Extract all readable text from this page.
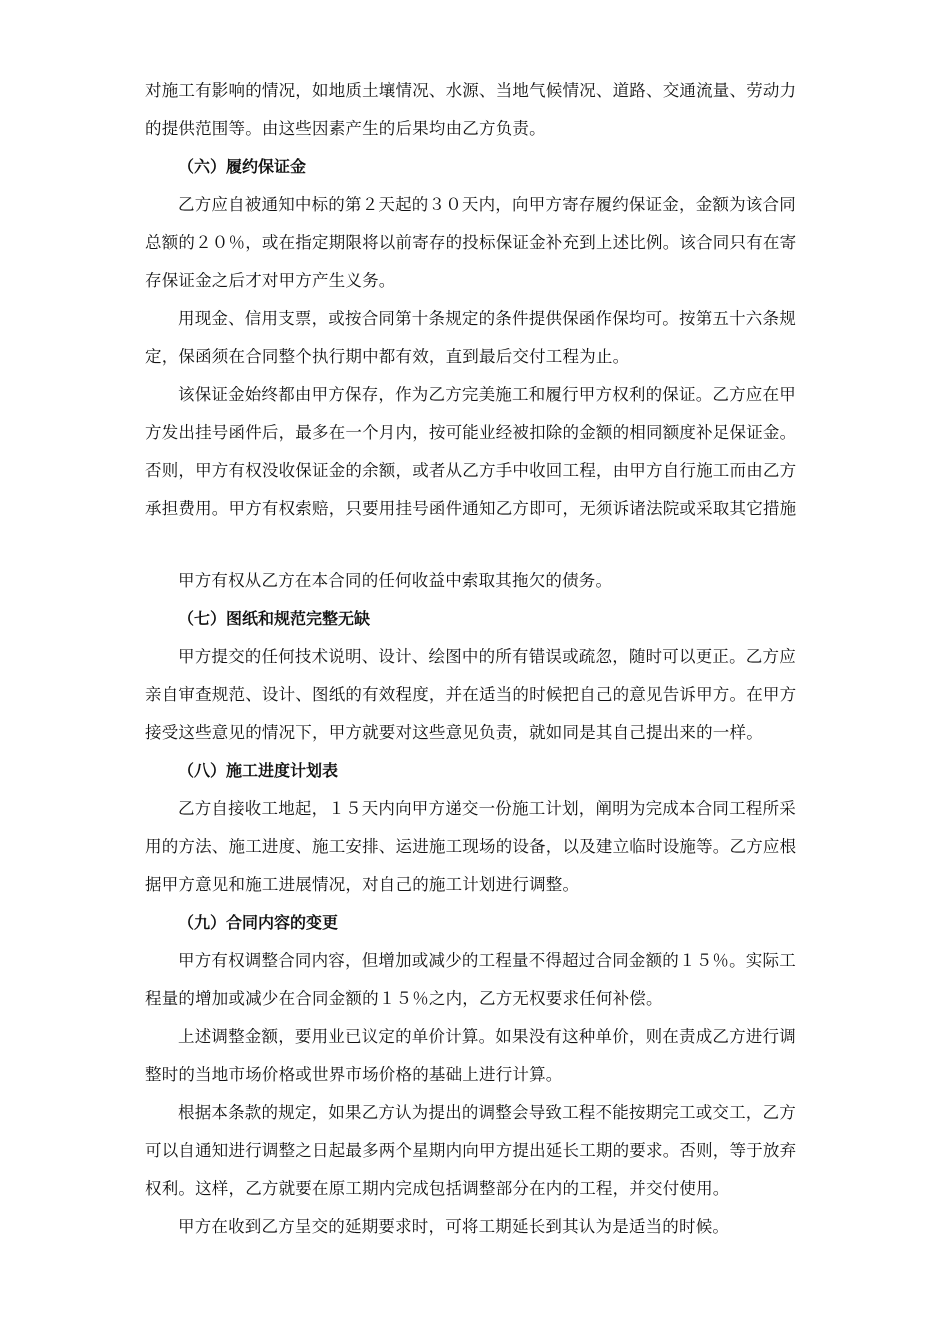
对施工有影响的情况，如地质土壤情况、水源、当地气候情况、道路、交通流量、劳动力
的提供范围等。由这些因素产生的后果均由乙方负责。
（六）履约保证金
乙方应自被通知中标的第２天起的３０天内，向甲方寄存履约保证金，金额为该合同
总额的２０％，或在指定期限将以前寄存的投标保证金补充到上述比例。该合同只有在寄
存保证金之后才对甲方产生义务。
用现金、信用支票，或按合同第十条规定的条件提供保函作保均可。按第五十六条规
定，保函须在合同整个执行期中都有效，直到最后交付工程为止。
该保证金始终都由甲方保存，作为乙方完美施工和履行甲方权利的保证。乙方应在甲
方发出挂号函件后，最多在一个月内，按可能业经被扣除的金额的相同额度补足保证金。
否则，甲方有权没收保证金的余额，或者从乙方手中收回工程，由甲方自行施工而由乙方
承担费用。甲方有权索赔，只要用挂号函件通知乙方即可，无须诉诸法院或采取其它措施
甲方有权从乙方在本合同的任何收益中索取其拖欠的债务。
（七）图纸和规范完整无缺
甲方提交的任何技术说明、设计、绘图中的所有错误或疏忽，随时可以更正。乙方应
亲自审查规范、设计、图纸的有效程度，并在适当的时候把自己的意见告诉甲方。在甲方
接受这些意见的情况下，甲方就要对这些意见负责，就如同是其自己提出来的一样。
（八）施工进度计划表
乙方自接收工地起，１５天内向甲方递交一份施工计划，阐明为完成本合同工程所采
用的方法、施工进度、施工安排、运进施工现场的设备，以及建立临时设施等。乙方应根
据甲方意见和施工进展情况，对自己的施工计划进行调整。
（九）合同内容的变更
甲方有权调整合同内容，但增加或减少的工程量不得超过合同金额的１５％。实际工
程量的增加或减少在合同金额的１５％之内，乙方无权要求任何补偿。
上述调整金额，要用业已议定的单价计算。如果没有这种单价，则在责成乙方进行调
整时的当地市场价格或世界市场价格的基础上进行计算。
根据本条款的规定，如果乙方认为提出的调整会导致工程不能按期完工或交工，乙方
可以自通知进行调整之日起最多两个星期内向甲方提出延长工期的要求。否则，等于放弃
权利。这样，乙方就要在原工期内完成包括调整部分在内的工程，并交付使用。
甲方在收到乙方呈交的延期要求时，可将工期延长到其认为是适当的时候。
